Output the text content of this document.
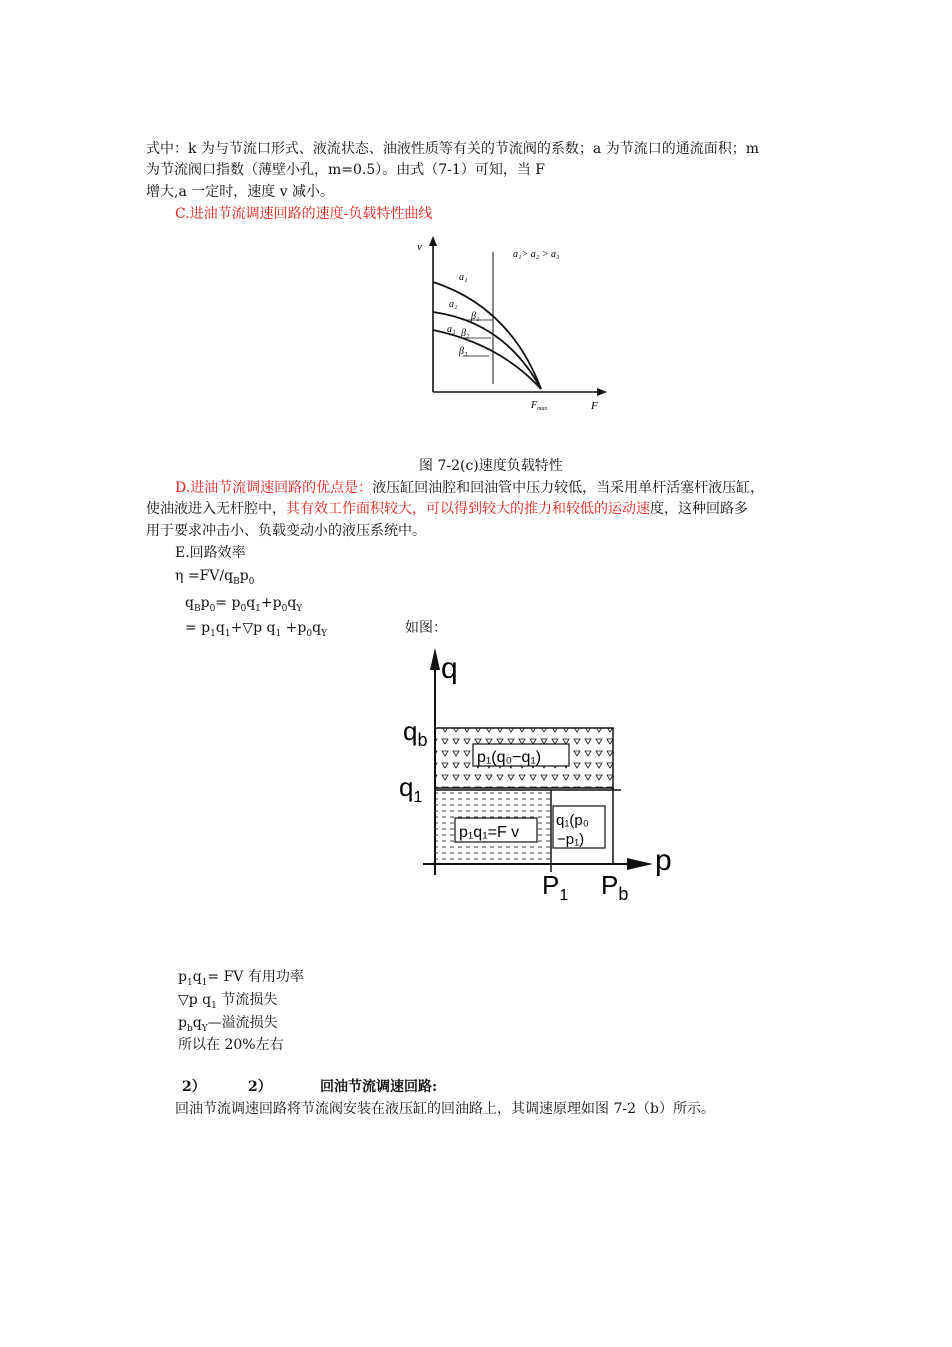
式中：k 为与节流口形式、液流状态、油液性质等有关的节流阀的系数；a 为节流口的通流面积；m
为节流阀口指数（薄壁小孔，m=0.5）。由式（7-1）可知，当 F
增大,a 一定时，速度 v 减小。
C.进油节流调速回路的速度-负载特性曲线
v
a₁> a₂ > a₃
a₁
a₂
a₃
β₁
β₂
β₃
$F_{max}$	F
图 7-2(c)速度负载特性
D.进油节流调速回路的优点是：液压缸回油腔和回油管中压力较低，当采用单杆活塞杆液压缸，
使油液进入无杆腔中，其有效工作面积较大，可以得到较大的推力和较低的运动速度，这种回路多
用于要求冲击小、负载变动小的液压系统中。
E.回路效率
$\eta =FV/q_Bp_0$
$q_Bp_0= p_0q_1+p_0q_Y$
= $p_1q_1+▽p$ $q_1 +p_0q_Y$	如图：
p₁(q₀−q₁)
p₁q₁=F v
q₁(p₀
−p₁)
q
p
$q_b$
$q_1$
$P_1$ $P_b$
$p_1q_1=$ FV 有用功率
▽p $q_1$ 节流损失
$p_bq_Y—$溢流损失
所以在 20%左右
2）	2）	回油节流调速回路:
回油节流调速回路将节流阀安装在液压缸的回油路上，其调速原理如图 7-2（b）所示。
